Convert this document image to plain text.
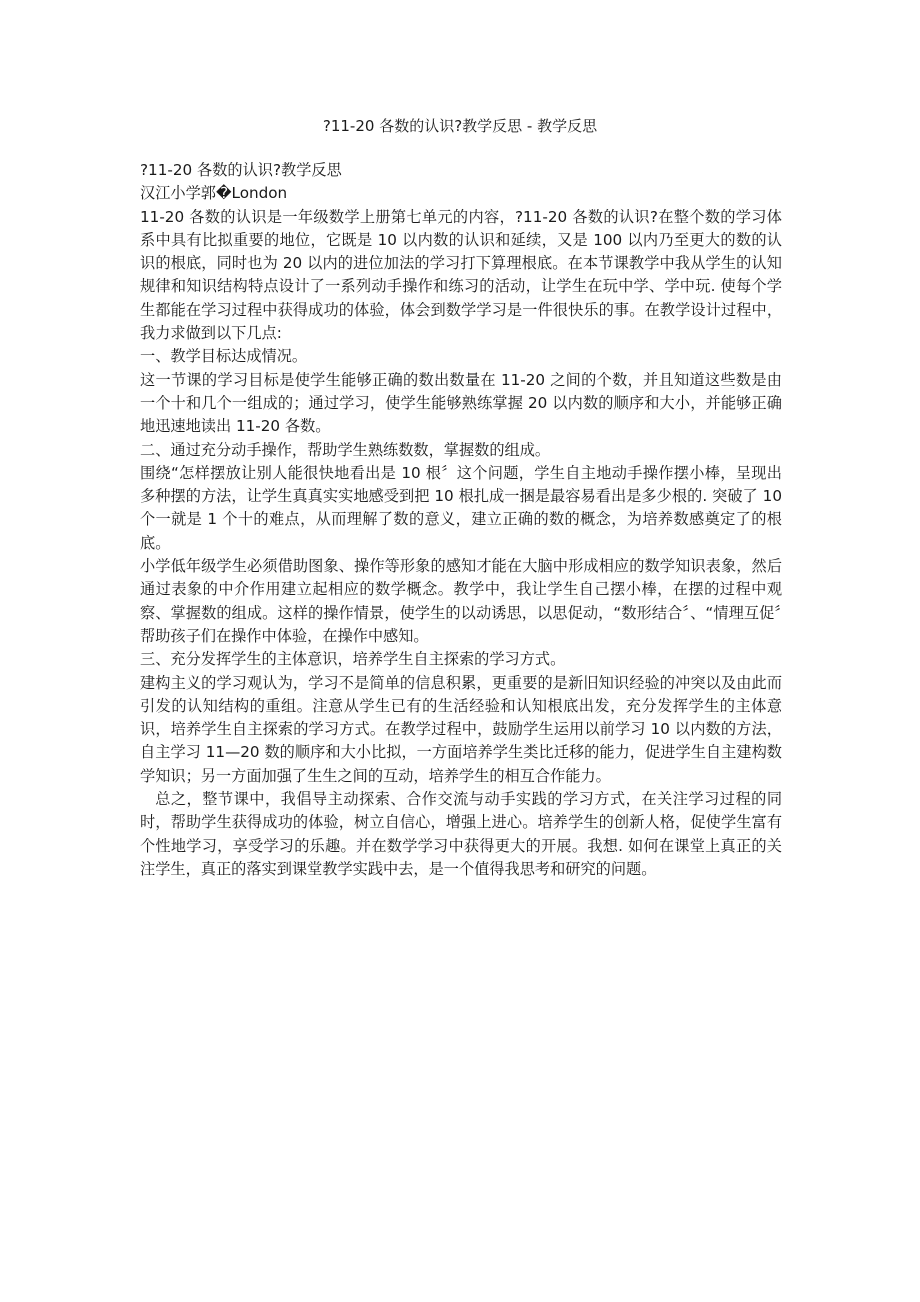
?11-20 各数的认识?教学反思 - 教学反思

?11-20 各数的认识?教学反思

汉江小学郭�London

11-20 各数的认识是一年级数学上册第七单元的内容，?11-20 各数的认识?在整个数的学习体系中具有比拟重要的地位，它既是 10 以内数的认识和延续，又是 100 以内乃至更大的数的认识的根底，同时也为 20 以内的进位加法的学习打下算理根底。在本节课教学中我从学生的认知规律和知识结构特点设计了一系列动手操作和练习的活动，让学生在玩中学、学中玩. 使每个学生都能在学习过程中获得成功的体验，体会到数学学习是一件很快乐的事。在教学设计过程中，我力求做到以下几点:

一、教学目标达成情况。

这一节课的学习目标是使学生能够正确的数出数量在 11-20 之间的个数，并且知道这些数是由一个十和几个一组成的；通过学习，使学生能够熟练掌握 20 以内数的顺序和大小，并能够正确地迅速地读出 11-20 各数。

二、通过充分动手操作，帮助学生熟练数数，掌握数的组成。

围绕“怎样摆放让别人能很快地看出是 10 根〞这个问题，学生自主地动手操作摆小棒，呈现出多种摆的方法，让学生真真实实地感受到把 10 根扎成一捆是最容易看出是多少根的. 突破了 10 个一就是 1 个十的难点，从而理解了数的意义，建立正确的数的概念，为培养数感奠定了的根底。

小学低年级学生必须借助图象、操作等形象的感知才能在大脑中形成相应的数学知识表象，然后通过表象的中介作用建立起相应的数学概念。教学中，我让学生自己摆小棒，在摆的过程中观察、掌握数的组成。这样的操作情景，使学生的以动诱思，以思促动，“数形结合〞、“情理互促〞帮助孩子们在操作中体验，在操作中感知。

三、充分发挥学生的主体意识，培养学生自主探索的学习方式。

建构主义的学习观认为，学习不是简单的信息积累，更重要的是新旧知识经验的冲突以及由此而引发的认知结构的重组。注意从学生已有的生活经验和认知根底出发，充分发挥学生的主体意识，培养学生自主探索的学习方式。在教学过程中，鼓励学生运用以前学习 10 以内数的方法，自主学习 11—20 数的顺序和大小比拟，一方面培养学生类比迁移的能力，促进学生自主建构数学知识；另一方面加强了生生之间的互动，培养学生的相互合作能力。

总之，整节课中，我倡导主动探索、合作交流与动手实践的学习方式，在关注学习过程的同时，帮助学生获得成功的体验，树立自信心，增强上进心。培养学生的创新人格，促使学生富有个性地学习，享受学习的乐趣。并在数学学习中获得更大的开展。我想. 如何在课堂上真正的关注学生，真正的落实到课堂教学实践中去，是一个值得我思考和研究的问题。
